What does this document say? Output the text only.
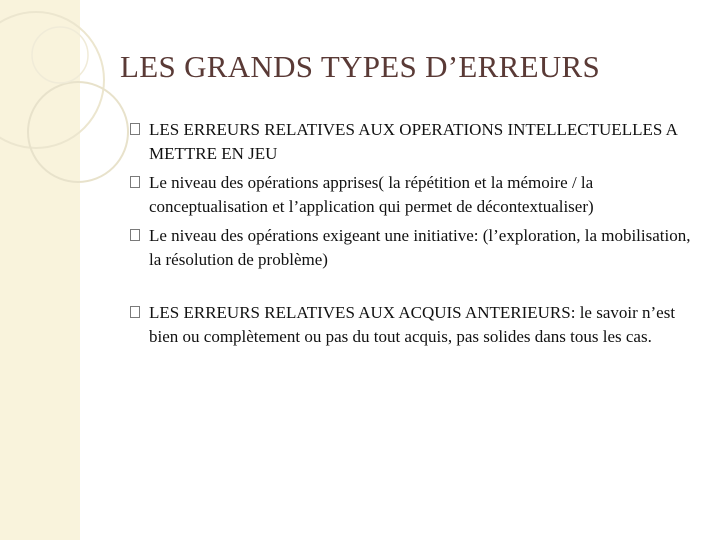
LES GRANDS TYPES D’ERREURS
LES ERREURS RELATIVES AUX OPERATIONS INTELLECTUELLES A METTRE EN JEU
Le niveau des opérations apprises( la répétition et la mémoire / la conceptualisation et l’application qui permet de décontextualiser)
Le niveau des opérations exigeant une initiative: (l’exploration, la mobilisation, la résolution de problème)
LES ERREURS RELATIVES AUX ACQUIS ANTERIEURS: le savoir n’est bien ou complètement ou pas du tout acquis, pas solides dans tous les cas.
